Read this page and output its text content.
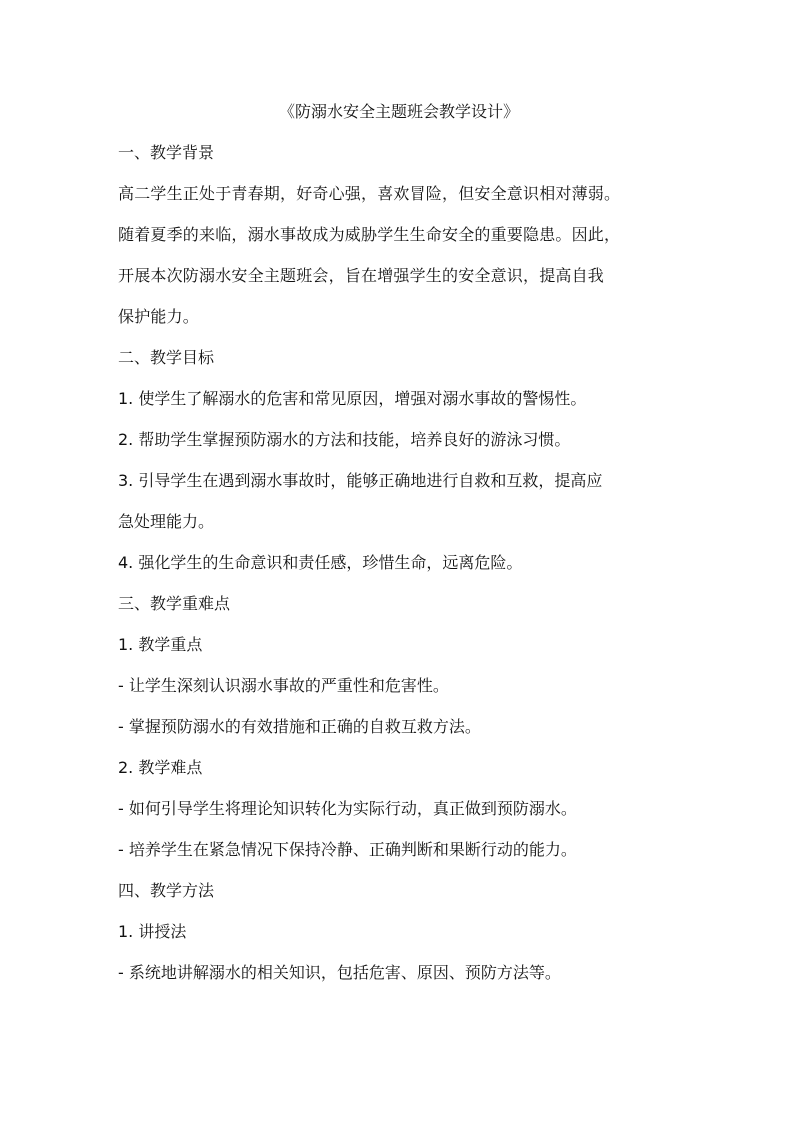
《防溺水安全主题班会教学设计》

一、教学背景

高二学生正处于青春期，好奇心强，喜欢冒险，但安全意识相对薄弱。

随着夏季的来临，溺水事故成为威胁学生生命安全的重要隐患。因此，

开展本次防溺水安全主题班会，旨在增强学生的安全意识，提高自我

保护能力。

二、教学目标

1. 使学生了解溺水的危害和常见原因，增强对溺水事故的警惕性。

2. 帮助学生掌握预防溺水的方法和技能，培养良好的游泳习惯。

3. 引导学生在遇到溺水事故时，能够正确地进行自救和互救，提高应

急处理能力。

4. 强化学生的生命意识和责任感，珍惜生命，远离危险。

三、教学重难点

1. 教学重点

- 让学生深刻认识溺水事故的严重性和危害性。

- 掌握预防溺水的有效措施和正确的自救互救方法。

2. 教学难点

- 如何引导学生将理论知识转化为实际行动，真正做到预防溺水。

- 培养学生在紧急情况下保持冷静、正确判断和果断行动的能力。

四、教学方法

1. 讲授法

- 系统地讲解溺水的相关知识，包括危害、原因、预防方法等。
